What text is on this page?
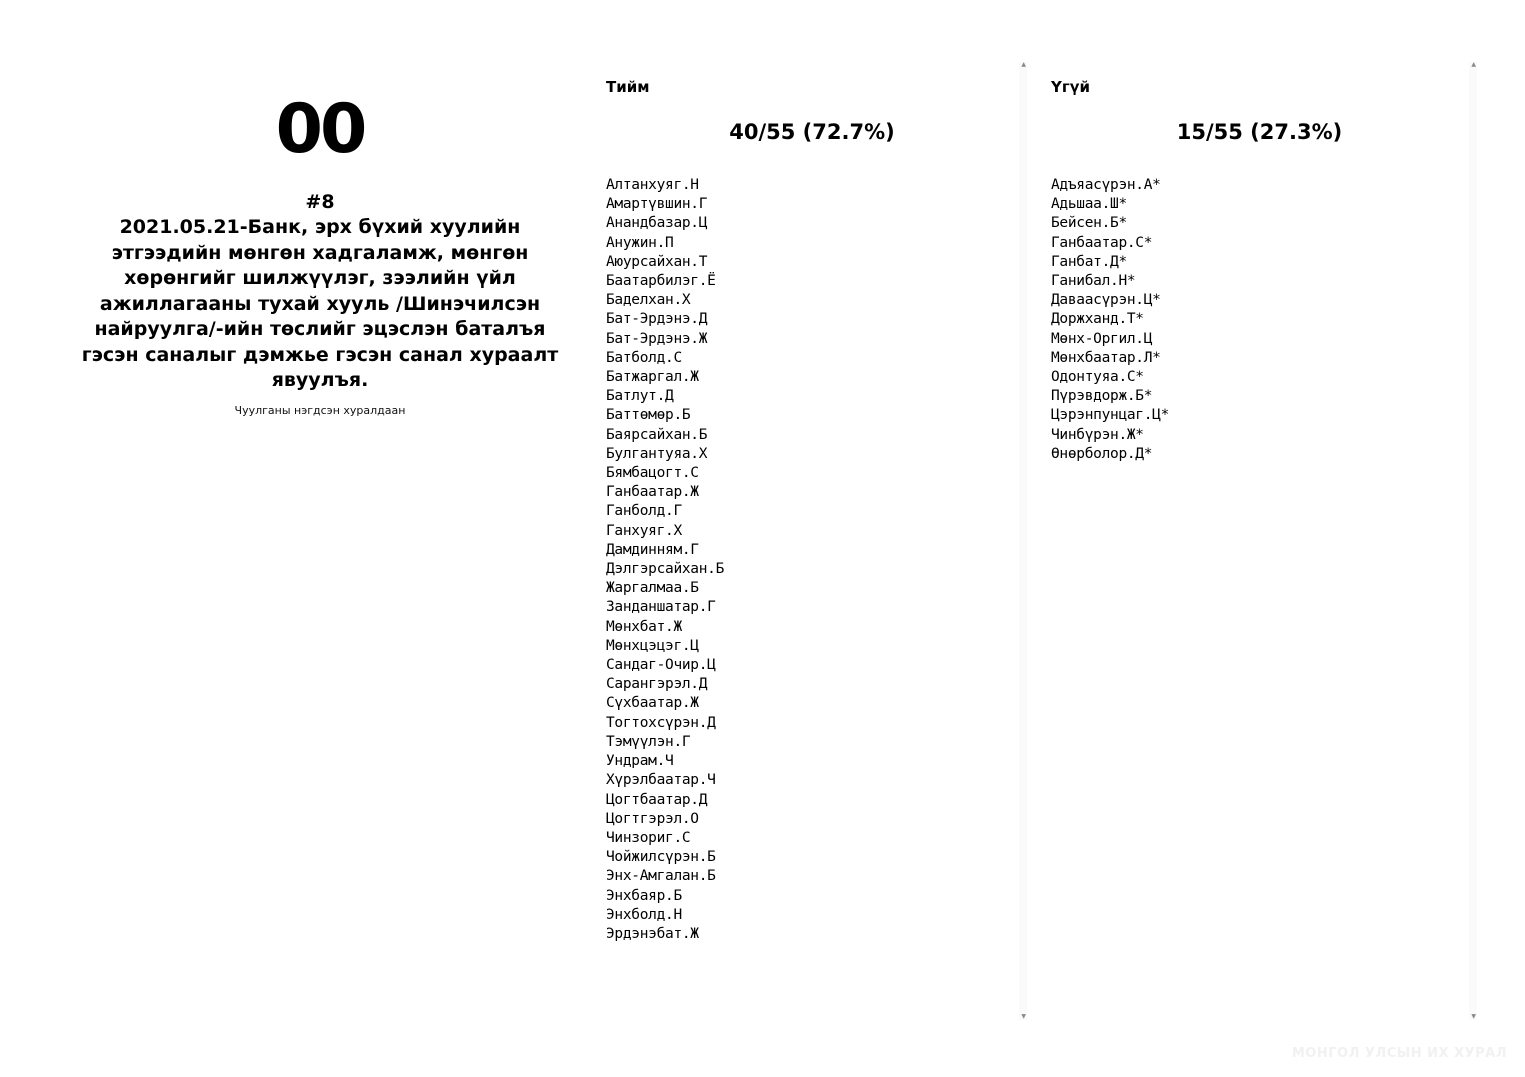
00
#8
2021.05.21-Банк, эрх бүхий хуулийн этгээдийн мөнгөн хадгаламж, мөнгөн хөрөнгийг шилжүүлэг, зээлийн үйл ажиллагааны тухай хууль /Шинэчилсэн найруулга/-ийн төслийг эцэслэн баталъя гэсэн саналыг дэмжье гэсэн санал хураалт явуулъя.
Чуулганы нэгдсэн хуралдаан
Тийм
40/55 (72.7%)
Алтанхуяг.Н
Амартүвшин.Г
Анандбазар.Ц
Анужин.П
Аюурсайхан.Т
Баатарбилэг.Ё
Баделхан.Х
Бат-Эрдэнэ.Д
Бат-Эрдэнэ.Ж
Батболд.С
Батжаргал.Ж
Батлут.Д
Баттөмөр.Б
Баярсайхан.Б
Булгантуяа.Х
Бямбацогт.С
Ганбаатар.Ж
Ганболд.Г
Ганхуяг.Х
Дамдинням.Г
Дэлгэрсайхан.Б
Жаргалмаа.Б
Занданшатар.Г
Мөнхбат.Ж
Мөнхцэцэг.Ц
Сандаг-Очир.Ц
Сарангэрэл.Д
Сүхбаатар.Ж
Тогтохсүрэн.Д
Тэмүүлэн.Г
Ундрам.Ч
Хүрэлбаатар.Ч
Цогтбаатар.Д
Цогтгэрэл.О
Чинзориг.С
Чойжилсүрэн.Б
Энх-Амгалан.Б
Энхбаяр.Б
Энхболд.Н
Эрдэнэбат.Ж
▲
▼
Үгүй
15/55 (27.3%)
Адъяасүрэн.А*
Адьшаа.Ш*
Бейсен.Б*
Ганбаатар.С*
Ганбат.Д*
Ганибал.Н*
Даваасүрэн.Ц*
Доржханд.Т*
Мөнх-Оргил.Ц
Мөнхбаатар.Л*
Одонтуяа.С*
Пүрэвдорж.Б*
Цэрэнпунцаг.Ц*
Чинбүрэн.Ж*
Өнөрболор.Д*
▲
▼
МОНГОЛ УЛСЫН ИХ ХУРАЛ
